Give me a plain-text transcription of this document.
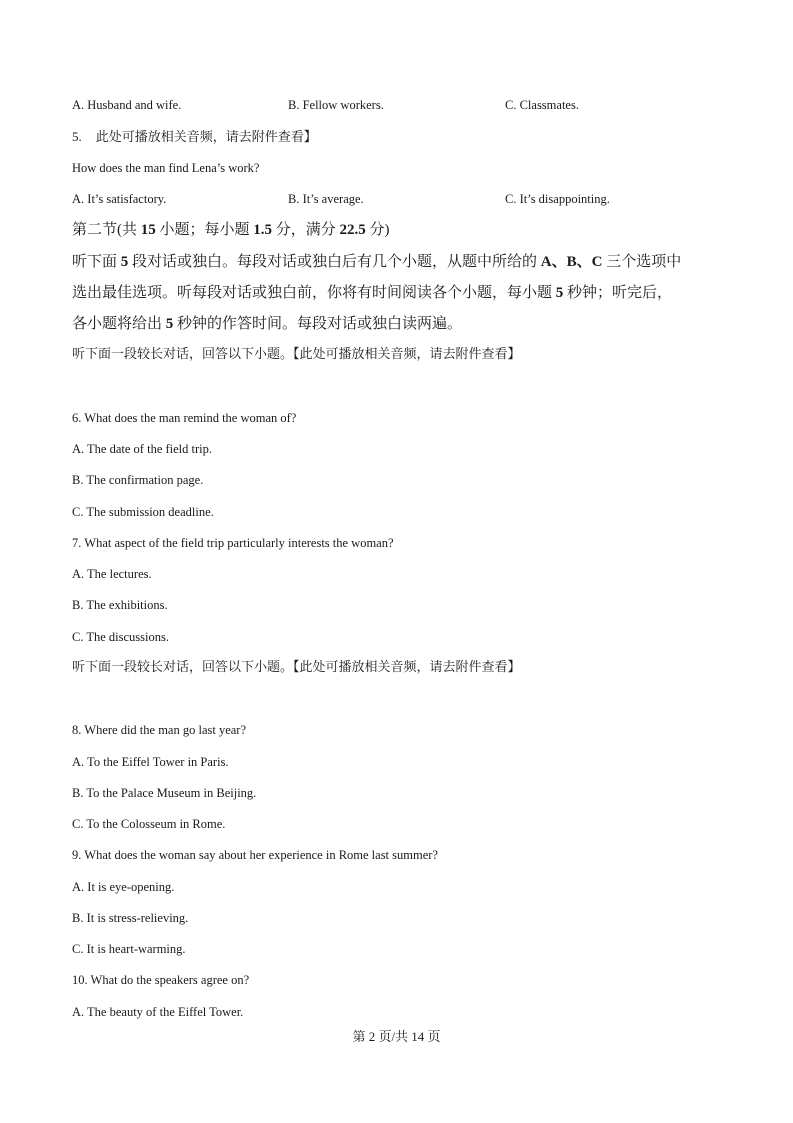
A. Husband and wife.	B. Fellow workers.	C. Classmates.
5. 此处可播放相关音频，请去附件查看】
How does the man find Lena’s work?
A. It’s satisfactory.	B. It’s average.	C. It’s disappointing.
第二节(共 15 小题；每小题 1.5 分，满分 22.5 分)
听下面 5 段对话或独白。每段对话或独白后有几个小题，从题中所给的 A、B、C 三个选项中
选出最佳选项。听每段对话或独白前，你将有时间阅读各个小题，每小题 5 秒钟；听完后，
各小题将给出 5 秒钟的作答时间。每段对话或独白读两遍。
听下面一段较长对话，回答以下小题。【此处可播放相关音频，请去附件查看】
6. What does the man remind the woman of?
A. The date of the field trip.
B. The confirmation page.
C. The submission deadline.
7. What aspect of the field trip particularly interests the woman?
A. The lectures.
B. The exhibitions.
C. The discussions.
听下面一段较长对话，回答以下小题。【此处可播放相关音频，请去附件查看】
8. Where did the man go last year?
A. To the Eiffel Tower in Paris.
B. To the Palace Museum in Beijing.
C. To the Colosseum in Rome.
9. What does the woman say about her experience in Rome last summer?
A. It is eye-opening.
B. It is stress-relieving.
C. It is heart-warming.
10. What do the speakers agree on?
A. The beauty of the Eiffel Tower.
第 2 页/共 14 页
